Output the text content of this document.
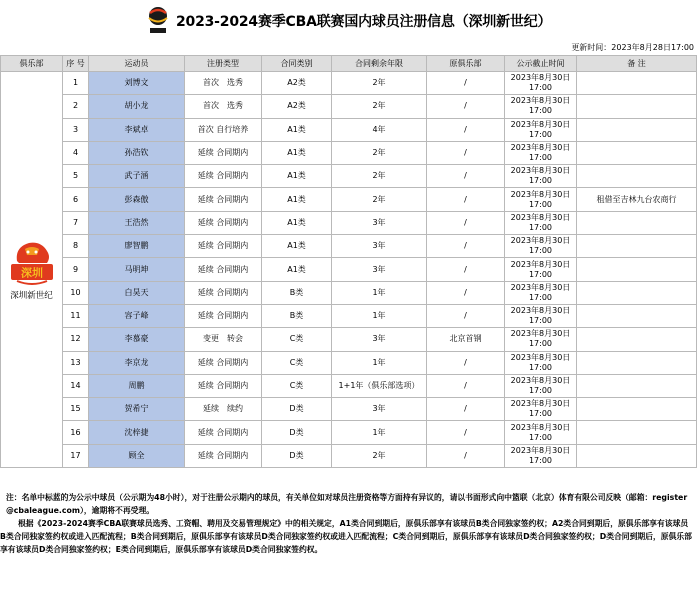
2023-2024赛季CBA联赛国内球员注册信息（深圳新世纪）
更新时间：2023年8月28日17:00
俱乐部	序 号	运动员	注册类型	合同类别	合同剩余年限	原俱乐部	公示截止时间	备 注

深圳
深圳新世纪	1	刘博文	首次　选秀	A2类	2年	/	2023年8月30日
17:00	
	2	胡小龙	首次　选秀	A2类	2年	/	2023年8月30日
17:00	
	3	李斌卓	首次 自行培养	A1类	4年	/	2023年8月30日
17:00	
	4	孙浩钦	延续 合同期内	A1类	2年	/	2023年8月30日
17:00	
	5	武子涵	延续 合同期内	A1类	2年	/	2023年8月30日
17:00	
	6	彭森傲	延续 合同期内	A1类	2年	/	2023年8月30日
17:00	租借至吉林九台农商行
	7	王浩然	延续 合同期内	A1类	3年	/	2023年8月30日
17:00	
	8	廖智鹏	延续 合同期内	A1类	3年	/	2023年8月30日
17:00	
	9	马明坤	延续 合同期内	A1类	3年	/	2023年8月30日
17:00	
	10	白昊天	延续 合同期内	B类	1年	/	2023年8月30日
17:00	
	11	容子峰	延续 合同期内	B类	1年	/	2023年8月30日
17:00	
	12	李慕豪	变更　转会	C类	3年	北京首钢	2023年8月30日
17:00	
	13	李京龙	延续 合同期内	C类	1年	/	2023年8月30日
17:00	
	14	周鹏	延续 合同期内	C类	1+1年（俱乐部选项）	/	2023年8月30日
17:00	
	15	贺希宁	延续　续约	D类	3年	/	2023年8月30日
17:00	
	16	沈梓捷	延续 合同期内	D类	1年	/	2023年8月30日
17:00	
	17	顾全	延续 合同期内	D类	2年	/	2023年8月30日
17:00	

注：名单中标蓝的为公示中球员（公示期为48小时），对于注册公示期内的球员，有关单位如对球员注册资格等方面持有异议的，请以书面形式向中篮联（北京）体育有限公司反映（邮箱：register@cbaleague.com），逾期将不再受理。

根据《2023-2024赛季CBA联赛球员选秀、工资帽、聘用及交易管理规定》中的相关规定，A1类合同到期后，原俱乐部享有该球员B类合同独家签约权；A2类合同到期后，原俱乐部享有该球员B类合同独家签约权或进入匹配流程；B类合同到期后，原俱乐部享有该球员D类合同独家签约权或进入匹配流程；C类合同到期后，原俱乐部享有该球员D类合同独家签约权；D类合同到期后，原俱乐部享有该球员D类合同独家签约权；E类合同到期后，原俱乐部享有该球员D类合同独家签约权。
